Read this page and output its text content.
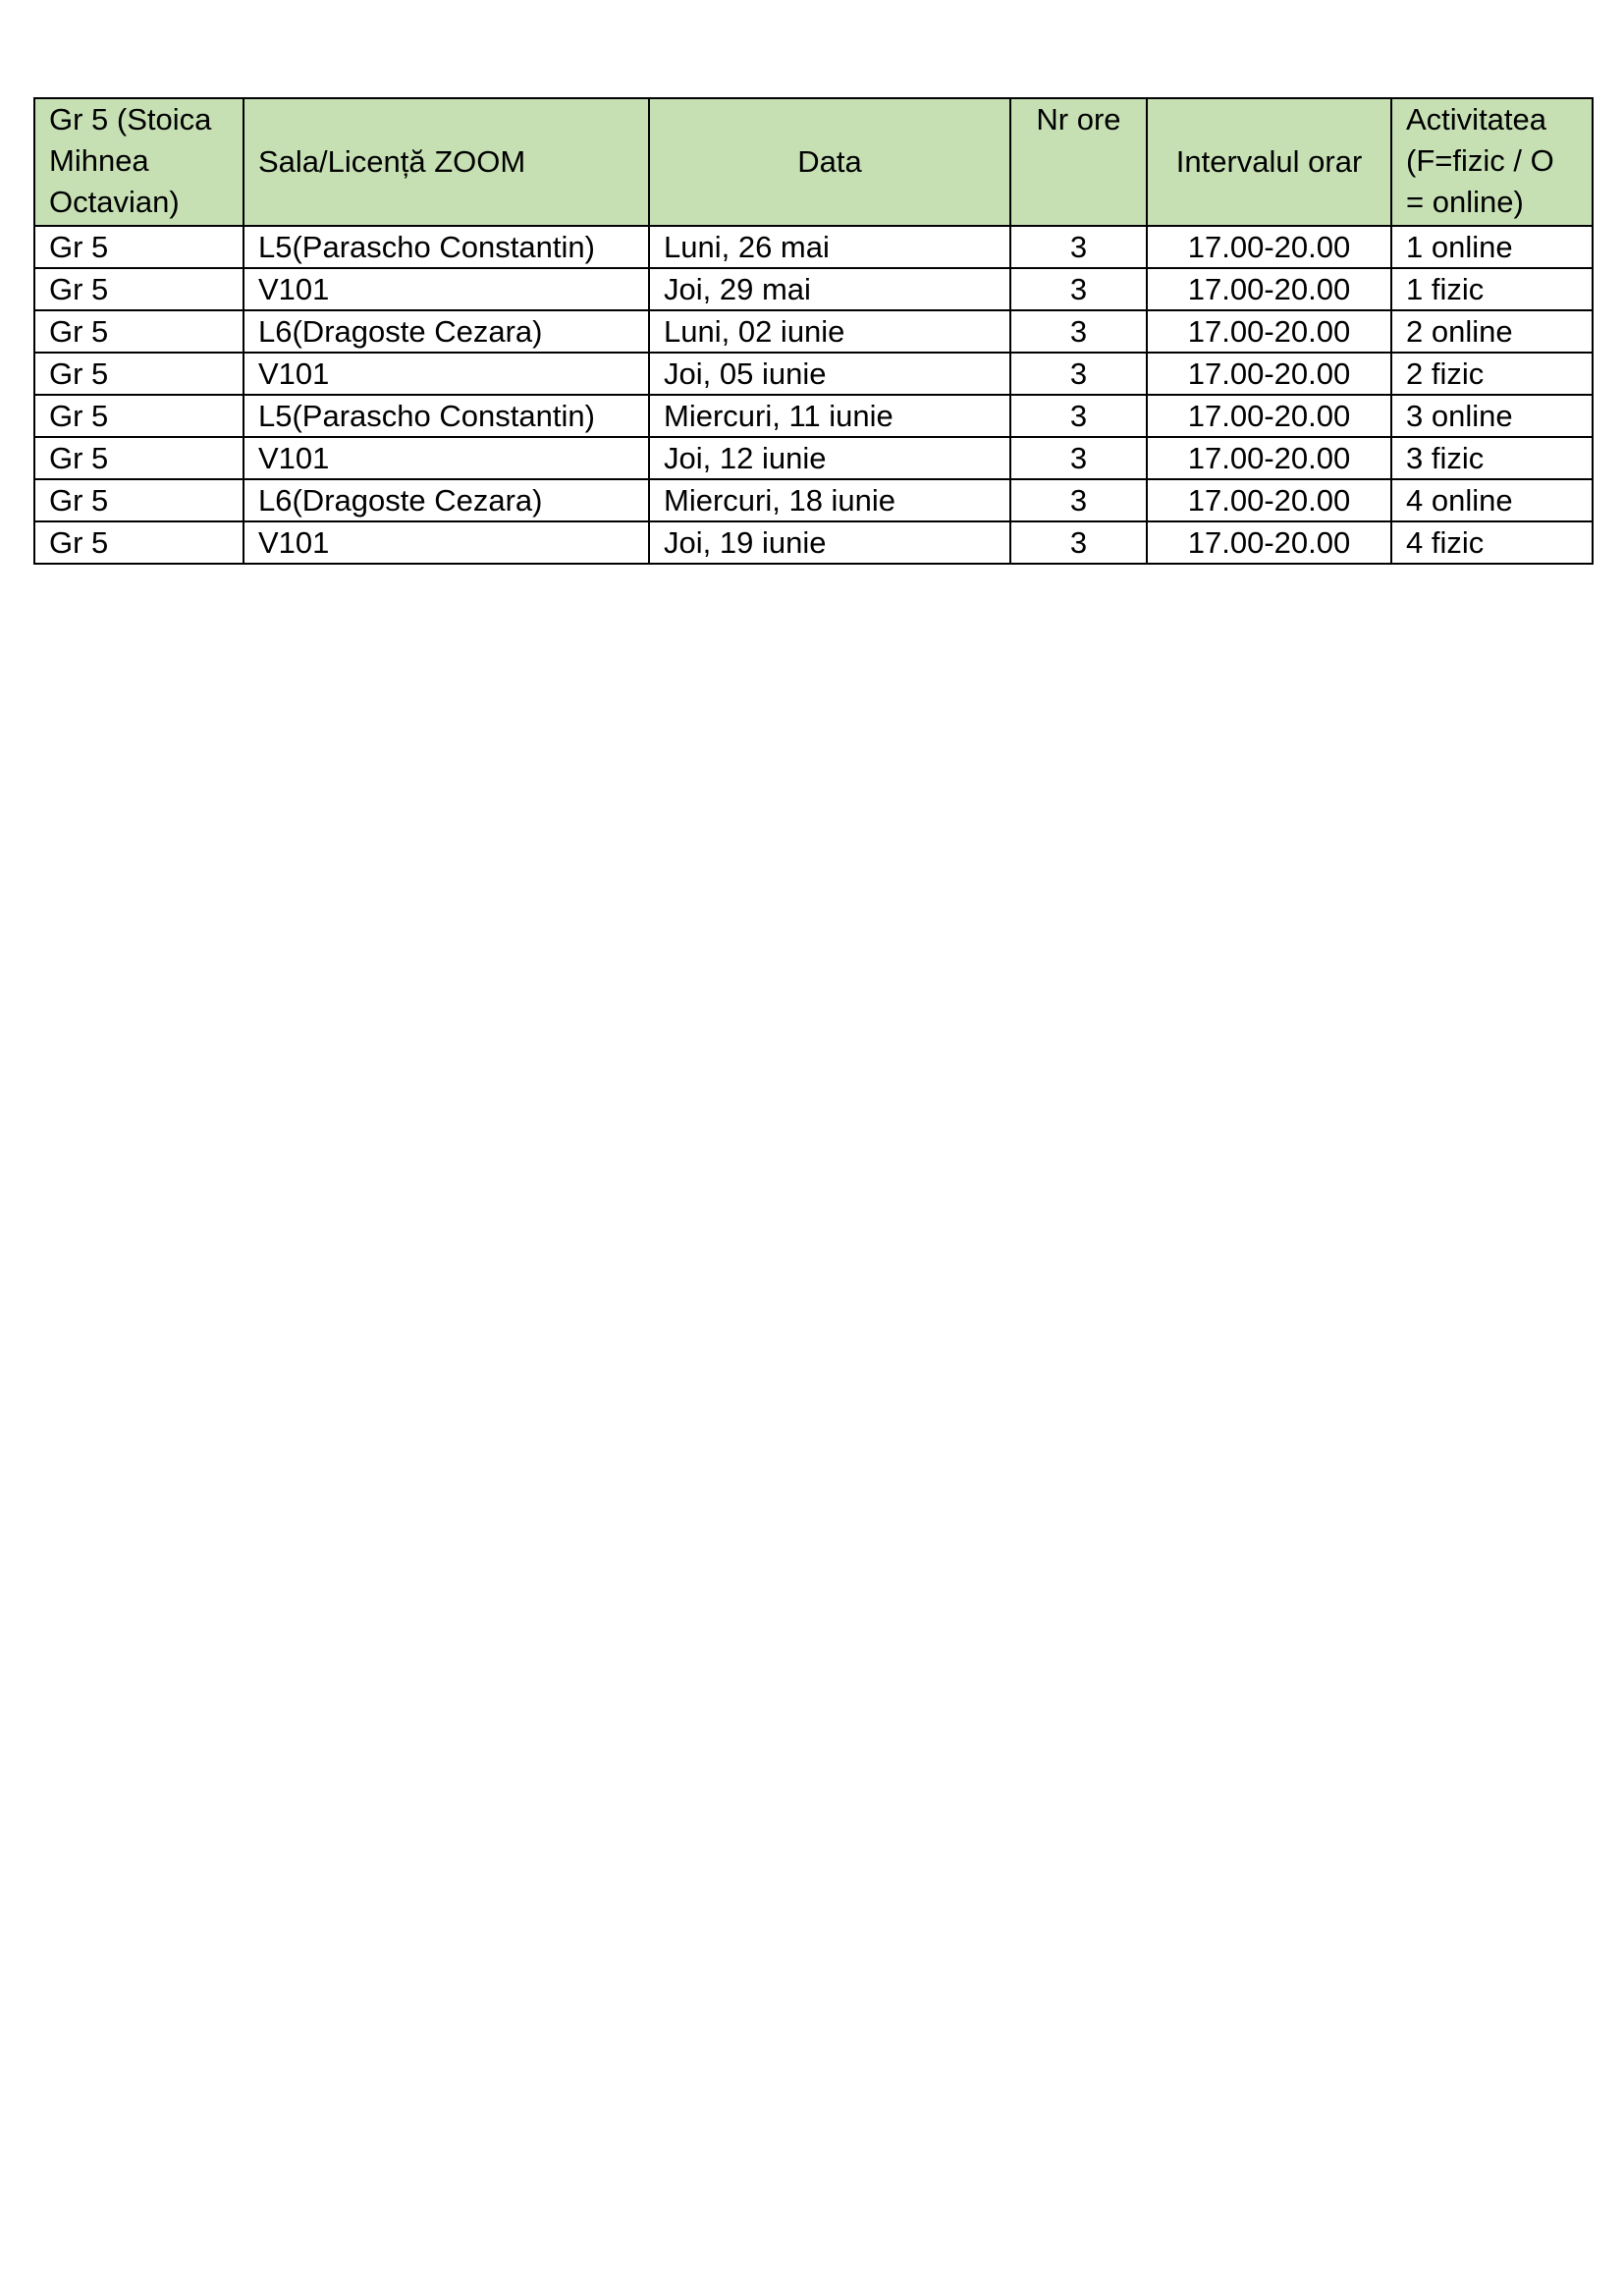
Gr 5 (Stoica Mihnea Octavian)	Sala/Licență ZOOM	Data	Nr ore	Intervalul orar	Activitatea (F=fizic / O = online)
Gr 5	L5(Parascho Constantin)	Luni, 26 mai	3	17.00-20.00	1 online
Gr 5	V101	Joi, 29 mai	3	17.00-20.00	1 fizic
Gr 5	L6(Dragoste Cezara)	Luni, 02 iunie	3	17.00-20.00	2 online
Gr 5	V101	Joi, 05 iunie	3	17.00-20.00	2 fizic
Gr 5	L5(Parascho Constantin)	Miercuri, 11 iunie	3	17.00-20.00	3 online
Gr 5	V101	Joi, 12 iunie	3	17.00-20.00	3 fizic
Gr 5	L6(Dragoste Cezara)	Miercuri, 18 iunie	3	17.00-20.00	4 online
Gr 5	V101	Joi, 19 iunie	3	17.00-20.00	4 fizic
